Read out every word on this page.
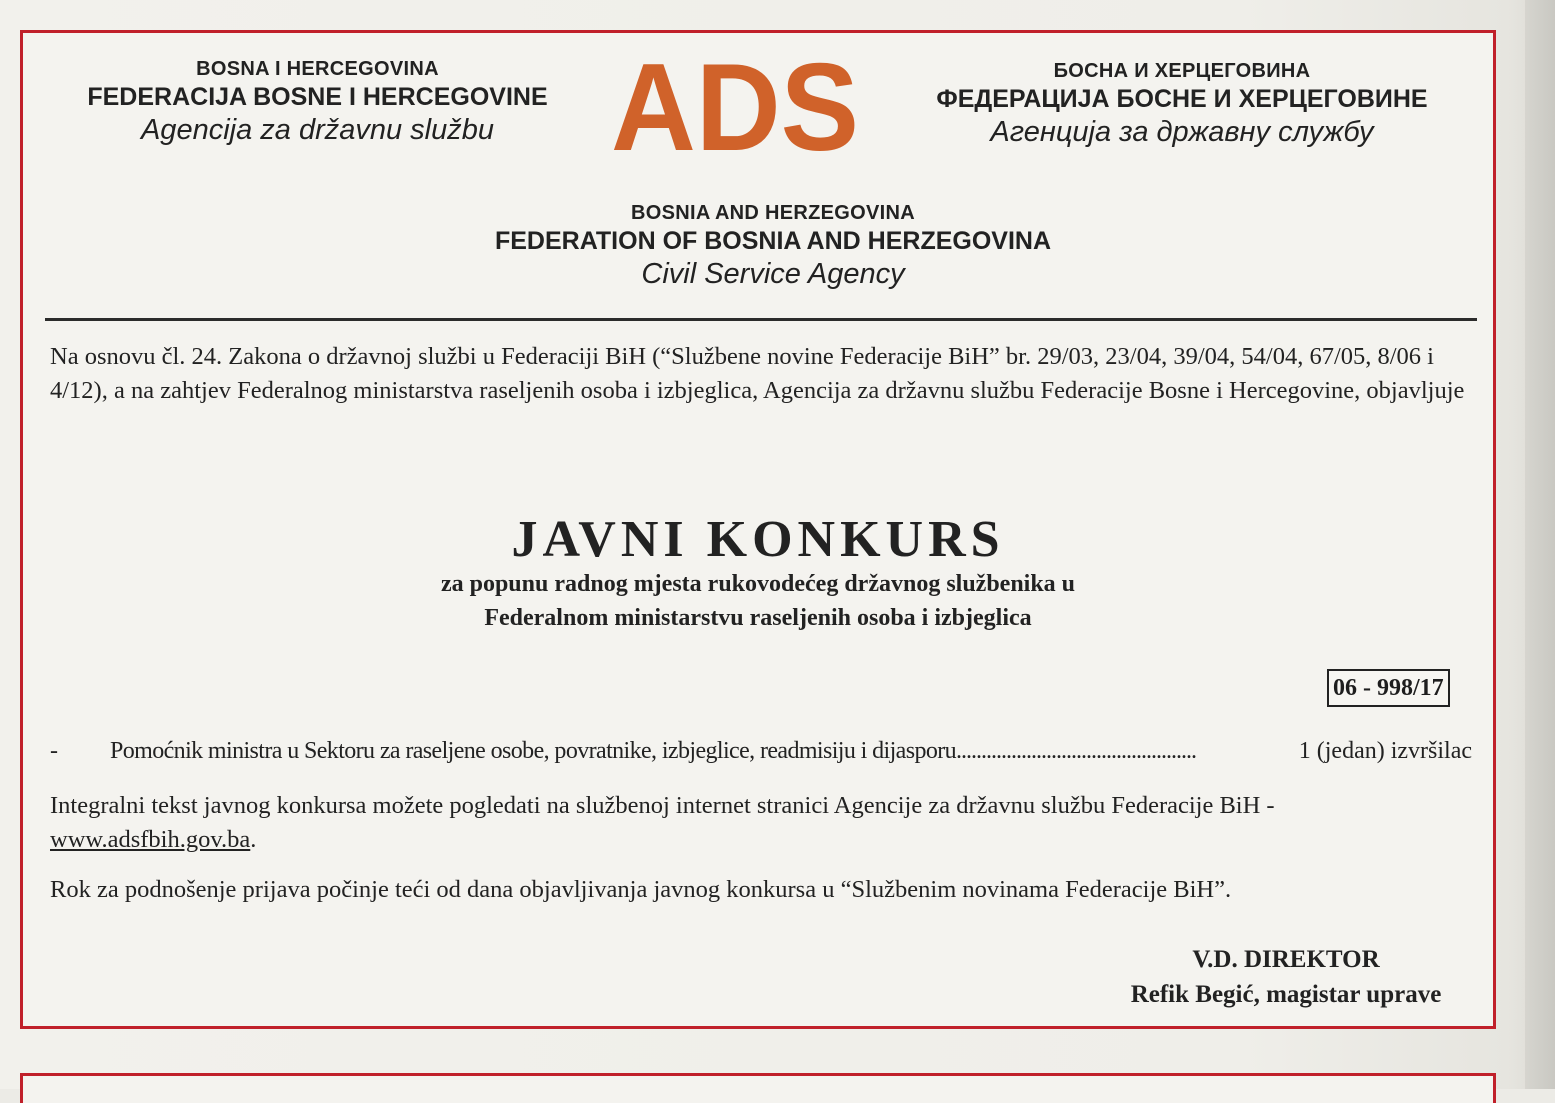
BOSNA I HERCEGOVINA
FEDERACIJA BOSNE I HERCEGOVINE
Agencija za državnu službu ADS	БОСНА И ХЕРЦЕГОВИНА
ФЕДЕРАЦИЈА БОСНЕ И ХЕРЦЕГОВИНЕ
Агенција за државну службу
BOSNIA AND HERZEGOVINA
FEDERATION OF BOSNIA AND HERZEGOVINA
Civil Service Agency

Na osnovu čl. 24. Zakona o državnoj službi u Federaciji BiH (“Službene novine Federacije BiH” br. 29/03, 23/04, 39/04, 54/04, 67/05, 8/06 i 4/12), a na zahtjev Federalnog ministarstva raseljenih osoba i izbjeglica, Agencija za državnu službu Federacije Bosne i Hercegovine, objavljuje

JAVNI KONKURS
za popunu radnog mjesta rukovodećeg državnog službenika u
Federalnom ministarstvu raseljenih osoba i izbjeglica
06 - 998/17
-	Pomoćnik ministra u Sektoru za raseljene osobe, povratnike, izbjeglice, readmisiju i dijasporu ................................................	1 (jedan) izvršilac

Integralni tekst javnog konkursa možete pogledati na službenoj internet stranici Agencije za državnu službu Federacije BiH - www.adsfbih.gov.ba.

Rok za podnošenje prijava počinje teći od dana objavljivanja javnog konkursa u “Službenim novinama Federacije BiH”.

V.D. DIREKTOR
Refik Begić, magistar uprave
